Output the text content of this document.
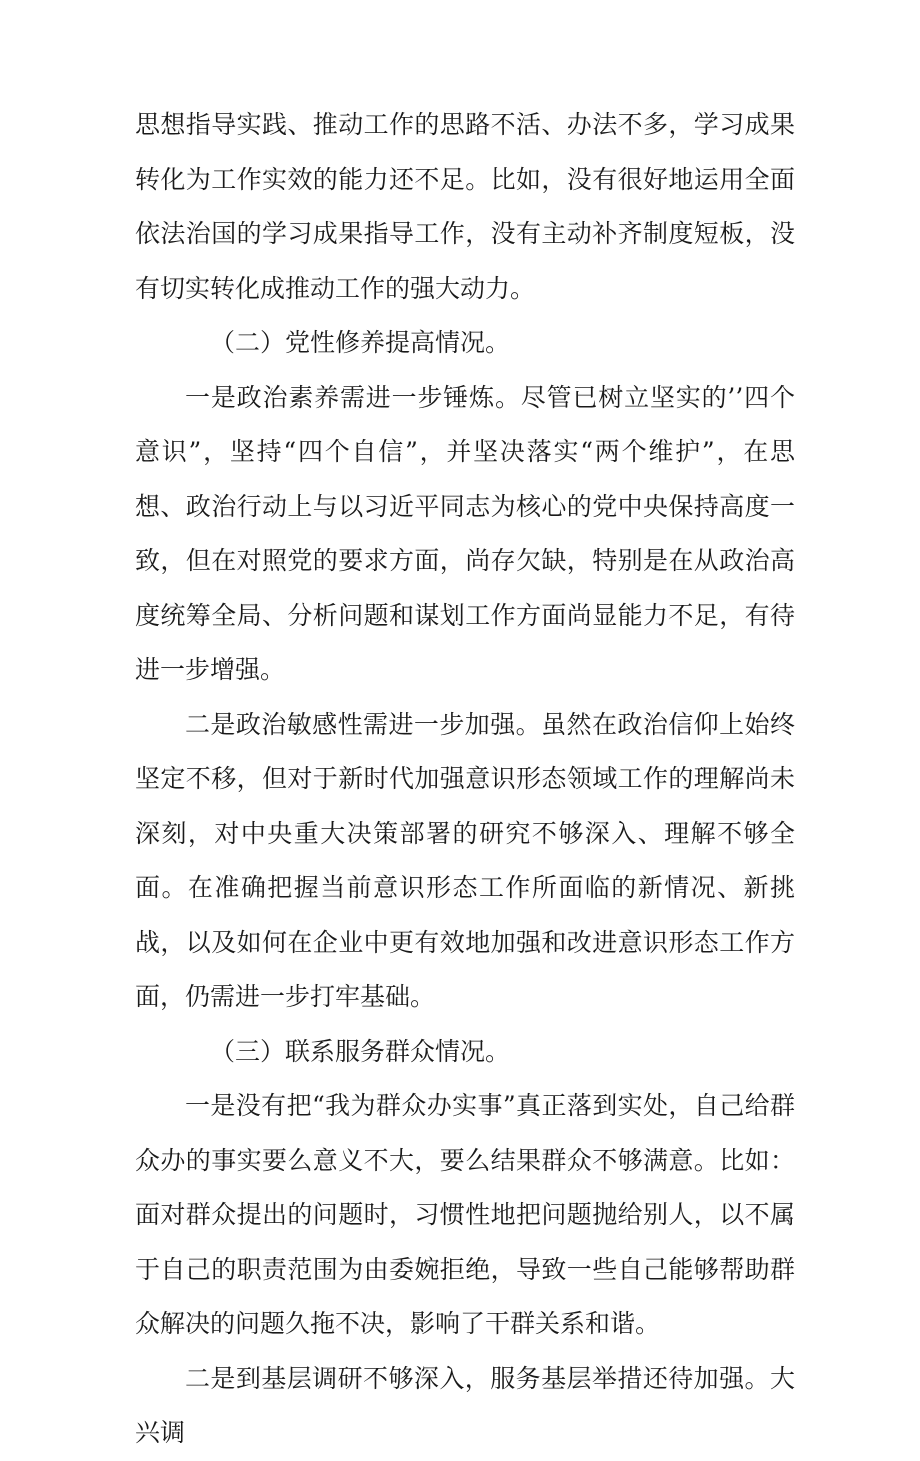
思想指导实践、推动工作的思路不活、办法不多，学习成果转化为工作实效的能力还不足。比如，没有很好地运用全面依法治国的学习成果指导工作，没有主动补齐制度短板，没有切实转化成推动工作的强大动力。

（二）党性修养提高情况。

一是政治素养需进一步锤炼。尽管已树立坚实的’’四个意识”，坚持“四个自信”，并坚决落实“两个维护”，在思想、政治行动上与以习近平同志为核心的党中央保持高度一致，但在对照党的要求方面，尚存欠缺，特别是在从政治高度统筹全局、分析问题和谋划工作方面尚显能力不足，有待进一步增强。

二是政治敏感性需进一步加强。虽然在政治信仰上始终坚定不移，但对于新时代加强意识形态领域工作的理解尚未深刻，对中央重大决策部署的研究不够深入、理解不够全面。在准确把握当前意识形态工作所面临的新情况、新挑战，以及如何在企业中更有效地加强和改进意识形态工作方面，仍需进一步打牢基础。

（三）联系服务群众情况。

一是没有把“我为群众办实事”真正落到实处，自己给群众办的事实要么意义不大，要么结果群众不够满意。比如：面对群众提出的问题时，习惯性地把问题抛给别人，以不属于自己的职责范围为由委婉拒绝，导致一些自己能够帮助群众解决的问题久拖不决，影响了干群关系和谐。

二是到基层调研不够深入，服务基层举措还待加强。大兴调
